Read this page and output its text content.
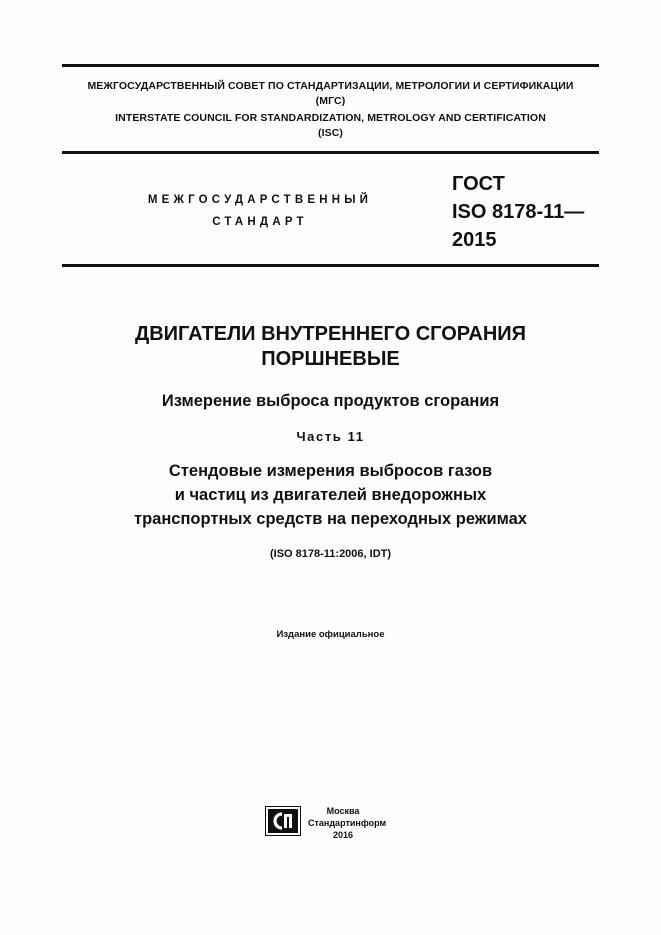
МЕЖГОСУДАРСТВЕННЫЙ СОВЕТ ПО СТАНДАРТИЗАЦИИ, МЕТРОЛОГИИ И СЕРТИФИКАЦИИ
(МГС)
INTERSTATE COUNCIL FOR STANDARDIZATION, METROLOGY AND CERTIFICATION
(ISC)
МЕЖГОСУДАРСТВЕННЫЙ
СТАНДАРТ
ГОСТ
ISO 8178-11—
2015
ДВИГАТЕЛИ ВНУТРЕННЕГО СГОРАНИЯ
ПОРШНЕВЫЕ
Измерение выброса продуктов сгорания
Часть 11
Стендовые измерения выбросов газов
и частиц из двигателей внедорожных
транспортных средств на переходных режимах
(ISO 8178-11:2006, IDT)
Издание официальное
Москва
Стандартинформ
2016
